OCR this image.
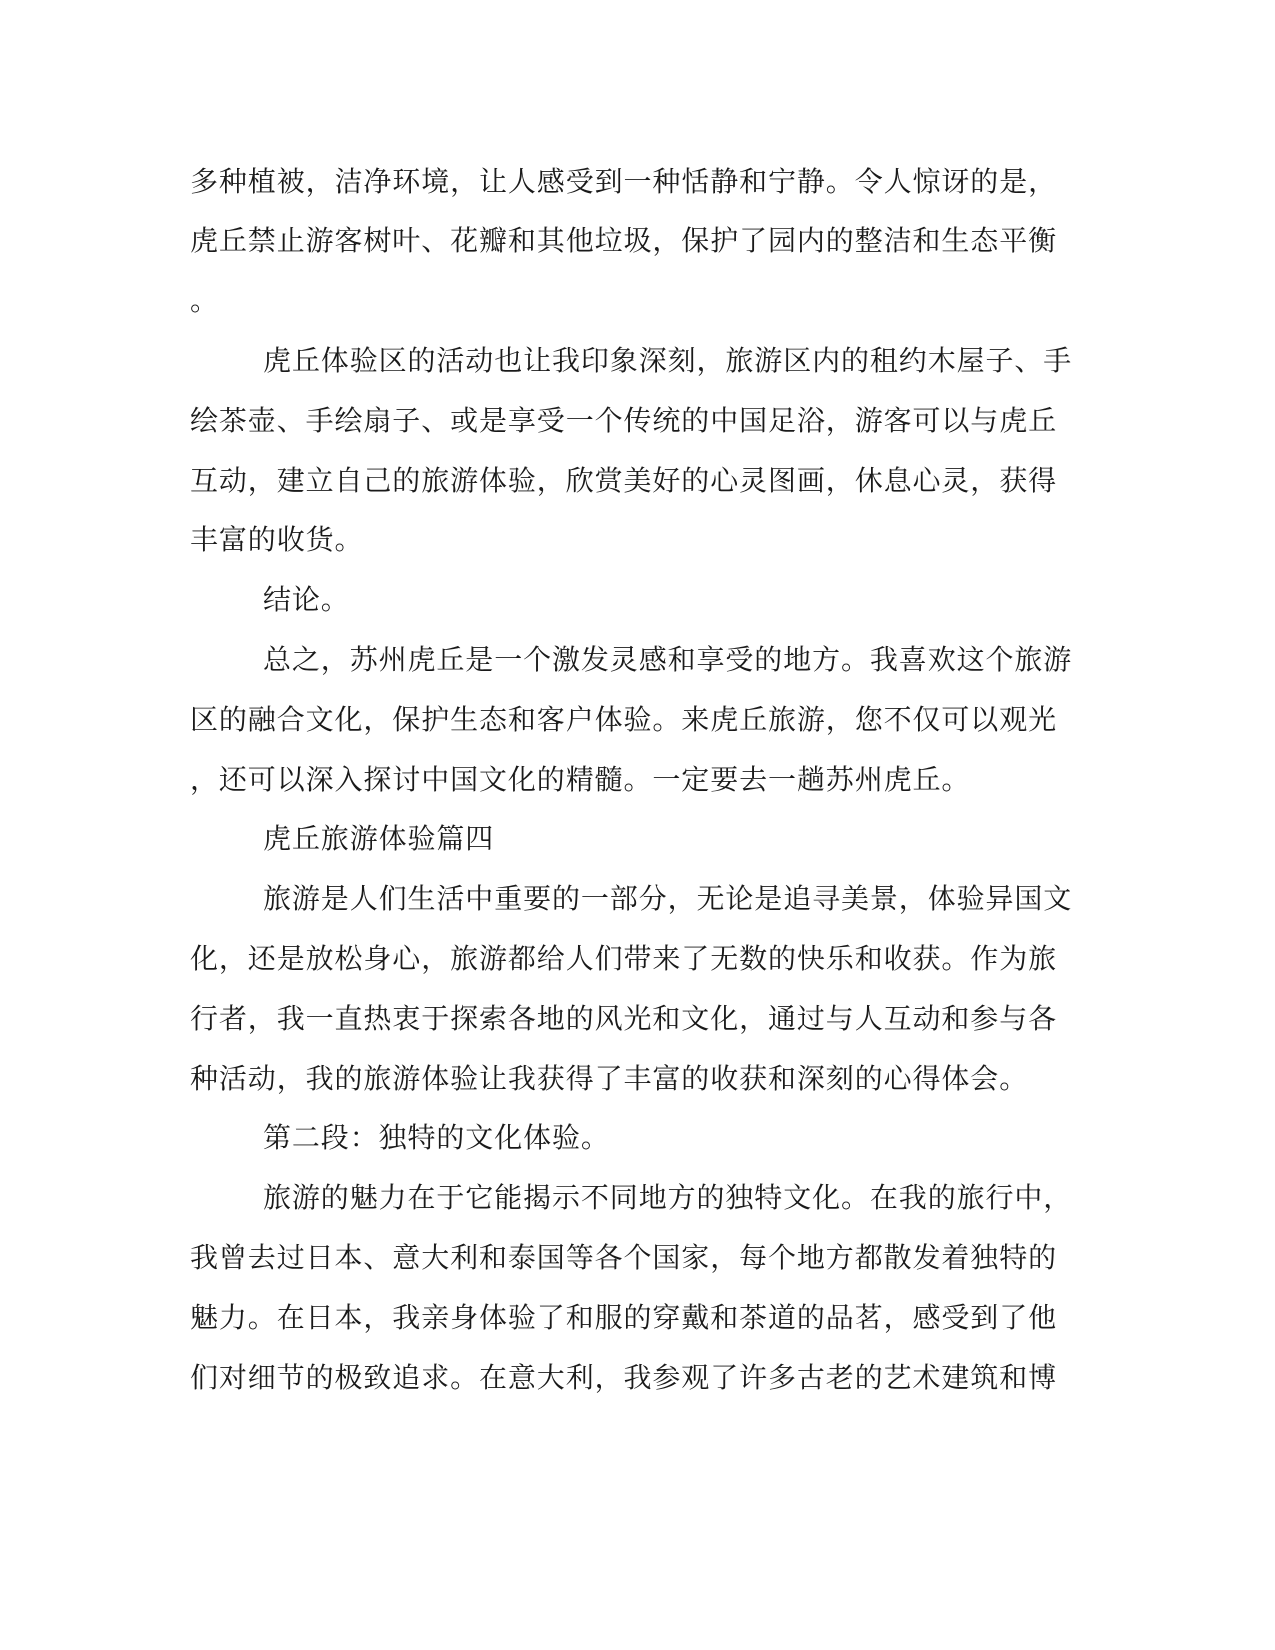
多种植被，洁净环境，让人感受到一种恬静和宁静。令人惊讶的是，
虎丘禁止游客树叶、花瓣和其他垃圾，保护了园内的整洁和生态平衡
。
虎丘体验区的活动也让我印象深刻，旅游区内的租约木屋子、手
绘茶壶、手绘扇子、或是享受一个传统的中国足浴，游客可以与虎丘
互动，建立自己的旅游体验，欣赏美好的心灵图画，休息心灵，获得
丰富的收货。
结论。
总之，苏州虎丘是一个激发灵感和享受的地方。我喜欢这个旅游
区的融合文化，保护生态和客户体验。来虎丘旅游，您不仅可以观光
，还可以深入探讨中国文化的精髓。一定要去一趟苏州虎丘。
虎丘旅游体验篇四
旅游是人们生活中重要的一部分，无论是追寻美景，体验异国文
化，还是放松身心，旅游都给人们带来了无数的快乐和收获。作为旅
行者，我一直热衷于探索各地的风光和文化，通过与人互动和参与各
种活动，我的旅游体验让我获得了丰富的收获和深刻的心得体会。
第二段：独特的文化体验。
旅游的魅力在于它能揭示不同地方的独特文化。在我的旅行中，
我曾去过日本、意大利和泰国等各个国家，每个地方都散发着独特的
魅力。在日本，我亲身体验了和服的穿戴和茶道的品茗，感受到了他
们对细节的极致追求。在意大利，我参观了许多古老的艺术建筑和博
